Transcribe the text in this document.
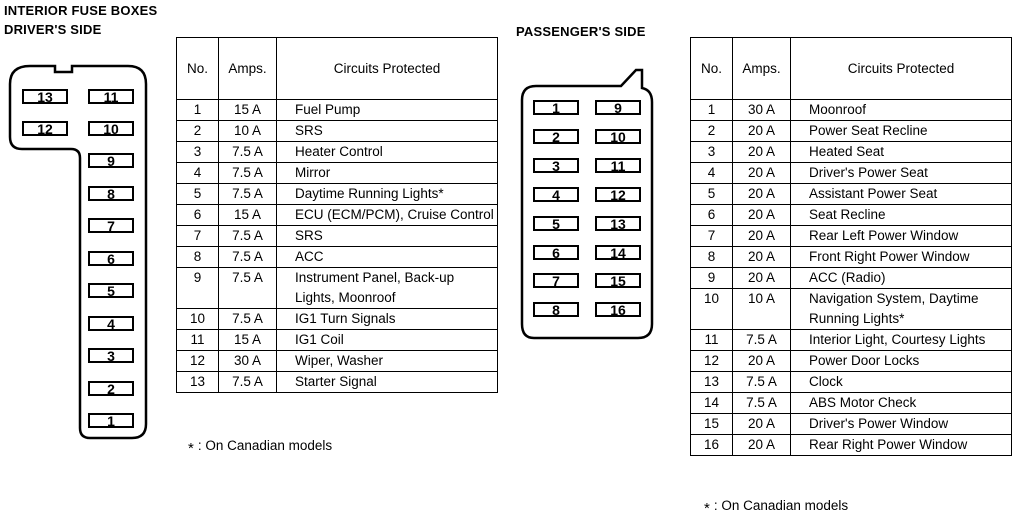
INTERIOR FUSE BOXES
DRIVER'S SIDE	PASSENGER'S SIDE
13	11
12	10
9
8
7
6
5
4
3
2
1
No.	Amps.	Circuits Protected
1	15 A	Fuel Pump
2	10 A	SRS
3	7.5 A	Heater Control
4	7.5 A	Mirror
5	7.5 A	Daytime Running Lights*
6	15 A	ECU (ECM/PCM), Cruise Control
7	7.5 A	SRS
8	7.5 A	ACC
9	7.5 A	Instrument Panel, Back-up Lights, Moonroof
10	7.5 A	IG1 Turn Signals
11	15 A	IG1 Coil
12	30 A	Wiper, Washer
13	7.5 A	Starter Signal
* : On Canadian models
1	9
2	10
3	11
4	12
5	13
6	14
7	15
8	16
No.	Amps.	Circuits Protected
1	30 A	Moonroof
2	20 A	Power Seat Recline
3	20 A	Heated Seat
4	20 A	Driver's Power Seat
5	20 A	Assistant Power Seat
6	20 A	Seat Recline
7	20 A	Rear Left Power Window
8	20 A	Front Right Power Window
9	20 A	ACC (Radio)
10	10 A	Navigation System, Daytime Running Lights*
11	7.5 A	Interior Light, Courtesy Lights
12	20 A	Power Door Locks
13	7.5 A	Clock
14	7.5 A	ABS Motor Check
15	20 A	Driver's Power Window
16	20 A	Rear Right Power Window
* : On Canadian models
